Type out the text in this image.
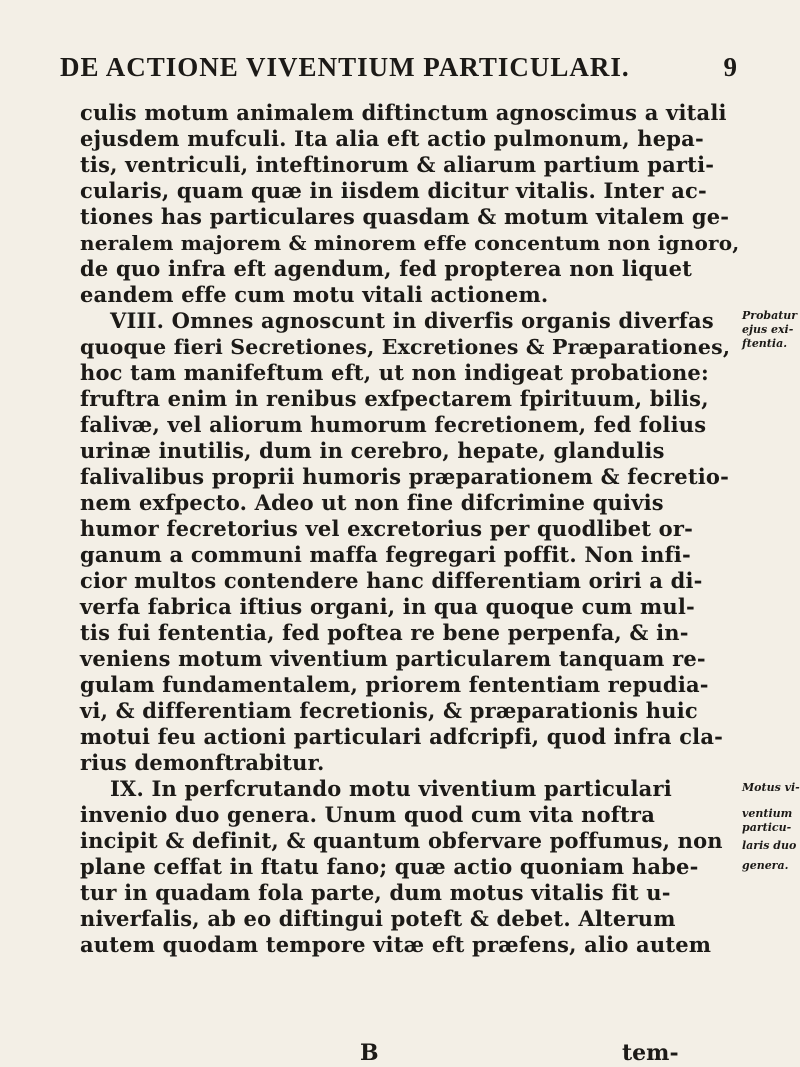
DE ACTIONE VIVENTIUM PARTICULARI.	9
culis motum animalem diftinctum agnoscimus a vitali
ejusdem mufculi. Ita alia eft actio pulmonum, hepa-
tis, ventriculi, inteftinorum & aliarum partium parti-
cularis, quam quæ in iisdem dicitur vitalis. Inter ac-
tiones has particulares quasdam & motum vitalem ge-
neralem majorem & minorem effe concentum non ignoro,
de quo infra eft agendum, fed propterea non liquet
eandem effe cum motu vitali actionem.
VIII. Omnes agnoscunt in diverfis organis diverfas
quoque fieri Secretiones, Excretiones & Præparationes,
hoc tam manifeftum eft, ut non indigeat probatione:
fruftra enim in renibus exfpectarem fpirituum, bilis,
falivæ, vel aliorum humorum fecretionem, fed folius
urinæ inutilis, dum in cerebro, hepate, glandulis
falivalibus proprii humoris præparationem & fecretio-
nem exfpecto. Adeo ut non fine difcrimine quivis
humor fecretorius vel excretorius per quodlibet or-
ganum a communi maffa fegregari poffit. Non infi-
cior multos contendere hanc differentiam oriri a di-
verfa fabrica iftius organi, in qua quoque cum mul-
tis fui fententia, fed poftea re bene perpenfa, & in-
veniens motum viventium particularem tanquam re-
gulam fundamentalem, priorem fententiam repudia-
vi, & differentiam fecretionis, & præparationis huic
motui feu actioni particulari adfcripfi, quod infra cla-
rius demonftrabitur.
IX. In perfcrutando motu viventium particulari
invenio duo genera. Unum quod cum vita noftra
incipit & definit, & quantum obfervare poffumus, non
plane ceffat in ftatu fano; quæ actio quoniam habe-
tur in quadam fola parte, dum motus vitalis fit u-
niverfalis, ab eo diftingui poteft & debet. Alterum
autem quodam tempore vitæ eft præfens, alio autem
Probatur
ejus exi-
ftentia.
Motus vi-
ventium
particu-
laris duo
genera.
B	tem-
